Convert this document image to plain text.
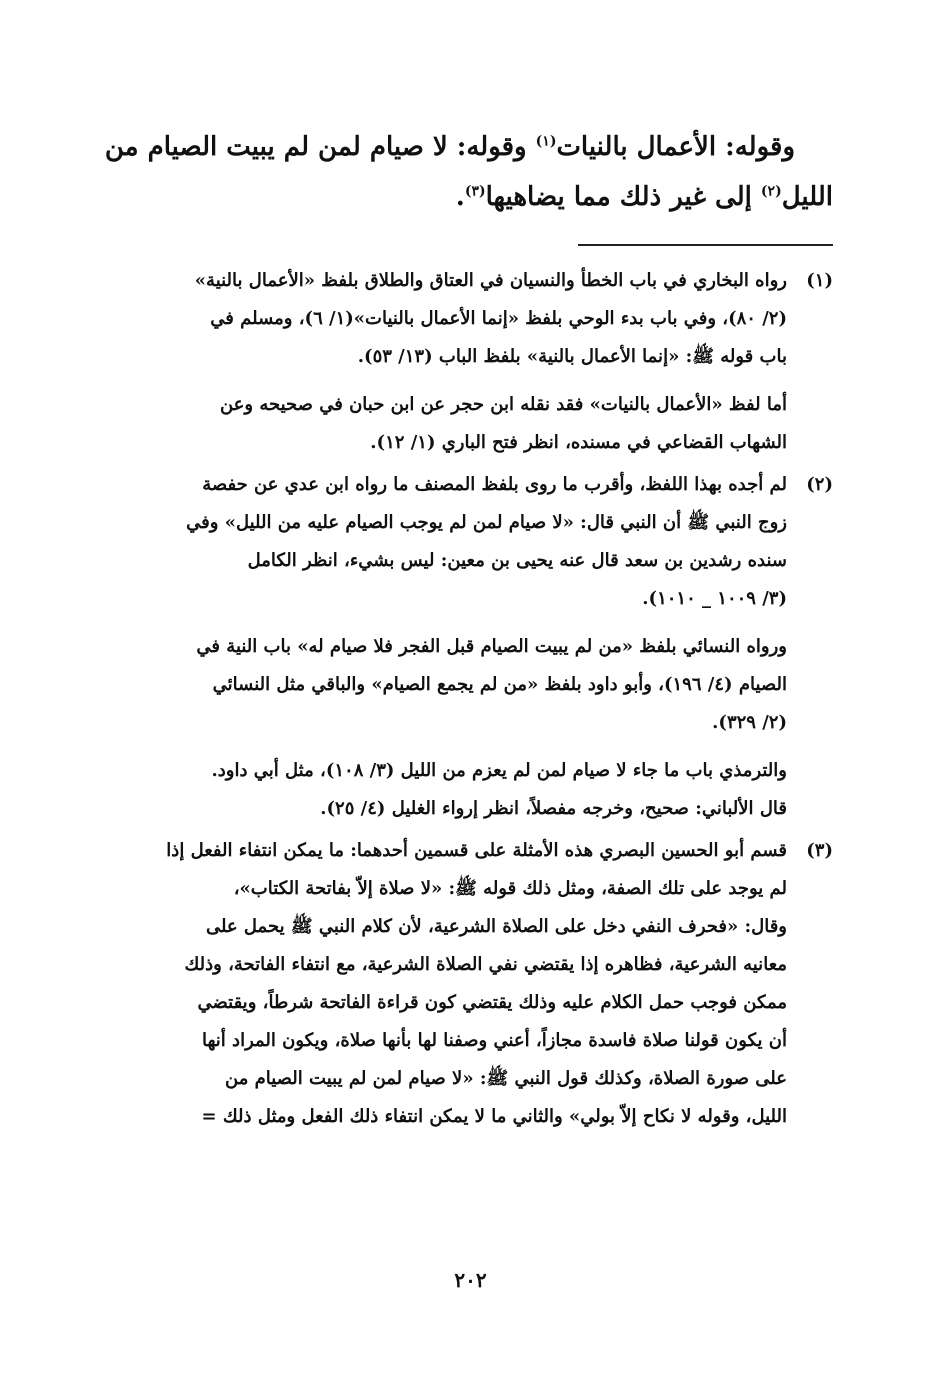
وقوله: الأعمال بالنيات$^{(١)}$ وقوله: لا صيام لمن لم يبيت الصيام من
الليل$^{(٢)}$ إلى غير ذلك مما يضاهيها$^{(٣)}$.
(١)
رواه البخاري في باب الخطأ والنسيان في العتاق والطلاق بلفظ «الأعمال بالنية»
(٢/ ٨٠)، وفي باب بدء الوحي بلفظ «إنما الأعمال بالنيات»(١/ ٦)، ومسلم في
باب قوله ﷺ: «إنما الأعمال بالنية» بلفظ الباب (١٣/ ٥٣).
أما لفظ «الأعمال بالنيات» فقد نقله ابن حجر عن ابن حبان في صحيحه وعن
الشهاب القضاعي في مسنده، انظر فتح الباري (١/ ١٢).
(٢)
لم أجده بهذا اللفظ، وأقرب ما روى بلفظ المصنف ما رواه ابن عدي عن حفصة
زوج النبي ﷺ أن النبي قال: «لا صيام لمن لم يوجب الصيام عليه من الليل» وفي
سنده رشدين بن سعد قال عنه يحيى بن معين: ليس بشيء، انظر الكامل
(٣/ ١٠٠٩ _ ١٠١٠).
ورواه النسائي بلفظ «من لم يبيت الصيام قبل الفجر فلا صيام له» باب النية في
الصيام (٤/ ١٩٦)، وأبو داود بلفظ «من لم يجمع الصيام» والباقي مثل النسائي
(٢/ ٣٢٩).
والترمذي باب ما جاء لا صيام لمن لم يعزم من الليل (٣/ ١٠٨)، مثل أبي داود.
قال الألباني: صحيح، وخرجه مفصلاً، انظر إرواء الغليل (٤/ ٢٥).
(٣)
قسم أبو الحسين البصري هذه الأمثلة على قسمين أحدهما: ما يمكن انتفاء الفعل إذا
لم يوجد على تلك الصفة، ومثل ذلك قوله ﷺ: «لا صلاة إلاّ بفاتحة الكتاب»،
وقال: «فحرف النفي دخل على الصلاة الشرعية، لأن كلام النبي ﷺ يحمل على
معانيه الشرعية، فظاهره إذا يقتضي نفي الصلاة الشرعية، مع انتفاء الفاتحة، وذلك
ممكن فوجب حمل الكلام عليه وذلك يقتضي كون قراءة الفاتحة شرطاً، ويقتضي
أن يكون قولنا صلاة فاسدة مجازاً، أعني وصفنا لها بأنها صلاة، ويكون المراد أنها
على صورة الصلاة، وكذلك قول النبي ﷺ: «لا صيام لمن لم يبيت الصيام من
الليل، وقوله لا نكاح إلاّ بولي» والثاني ما لا يمكن انتفاء ذلك الفعل ومثل ذلك =
٢٠٢
